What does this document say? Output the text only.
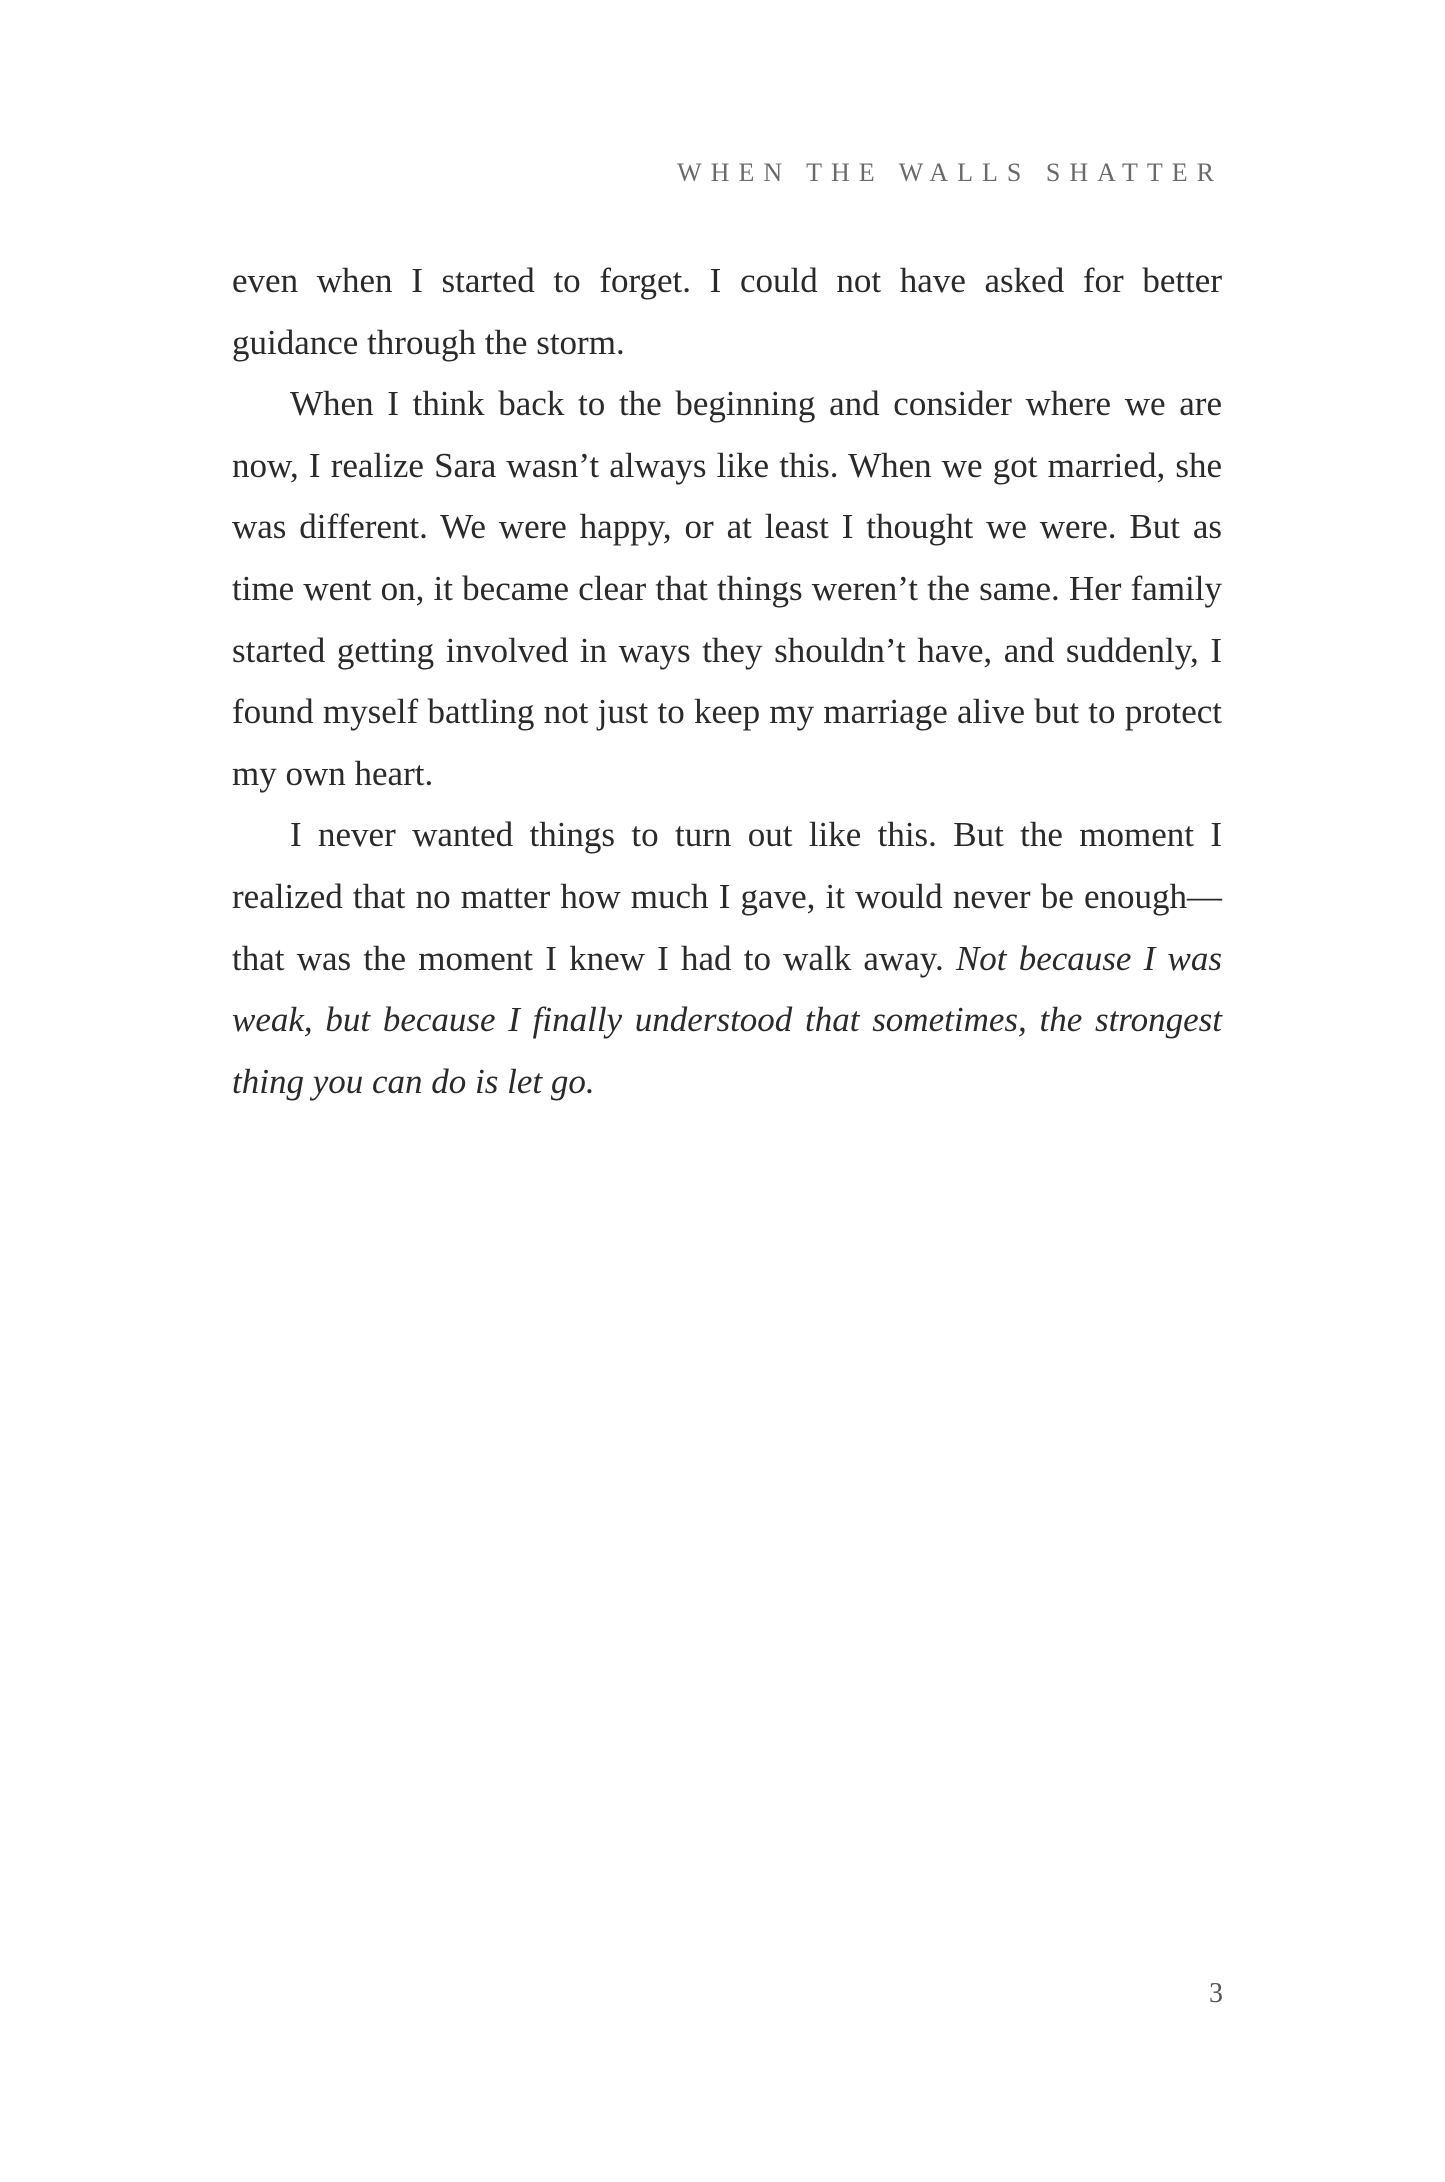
WHEN THE WALLS SHATTER

even when I started to forget. I could not have asked for better guidance through the storm.

When I think back to the beginning and consider where we are now, I realize Sara wasn’t always like this. When we got married, she was different. We were happy, or at least I thought we were. But as time went on, it became clear that things weren’t the same. Her family started getting involved in ways they shouldn’t have, and suddenly, I found myself battling not just to keep my marriage alive but to protect my own heart.

I never wanted things to turn out like this. But the moment I realized that no matter how much I gave, it would never be enough—that was the moment I knew I had to walk away. Not because I was weak, but because I finally understood that sometimes, the strongest thing you can do is let go.

3
